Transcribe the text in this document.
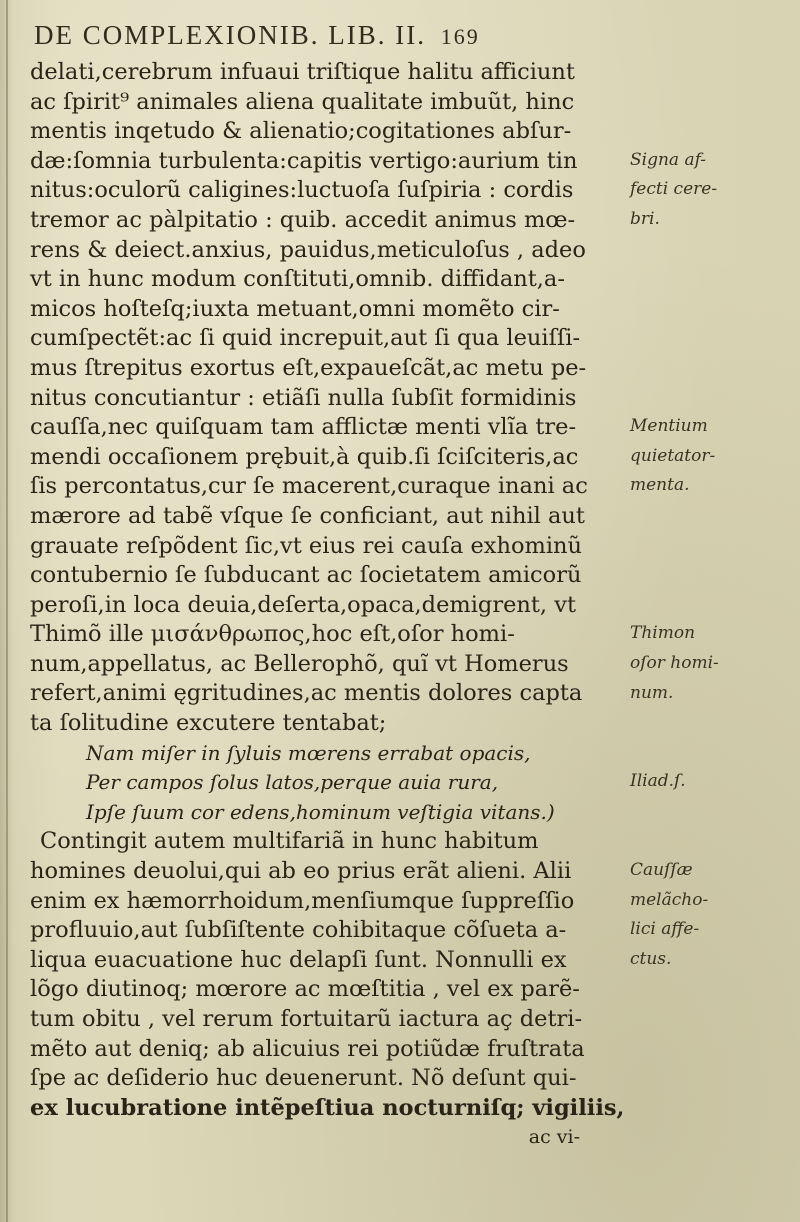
DE COMPLEXIONIB. LIB. II. 169
delati,cerebrum infuaui triſtique halitu afficiunt
ac ſpirit⁹ animales aliena qualitate imbuũt, hinc
mentis inqetudo & alienatio;cogitationes abſur-
dæ:ſomnia turbulenta:capitis vertigo:aurium tin
nitus:oculorũ caligines:luctuoſa ſuſpiria : cordis
tremor ac pàlpitatio : quib. accedit animus mœ-
rens & deiect.anxius, pauidus,meticuloſus , adeo
vt in hunc modum conſtituti,omnib. diffidant,a-
micos hoſteſq;iuxta metuant,omni momẽto cir-
cumſpectẽt:ac ſi quid increpuit,aut ſi qua leuiſſi-
mus ſtrepitus exortus eſt,expaueſcãt,ac metu pe-
nitus concutiantur : etiãſi nulla ſubſit formidinis
cauſſa,nec quiſquam tam afflictæ menti vlĩa tre-
mendi occaſionem prębuit,à quib.ſi ſciſciteris,ac
ſis percontatus,cur ſe macerent,curaque inani ac
mærore ad tabẽ vſque ſe conficiant, aut nihil aut
grauate reſpõdent ſic,vt eius rei cauſa exhominũ
contubernio ſe ſubducant ac ſocietatem amicorũ
peroſi,in loca deuia,deſerta,opaca,demigrent, vt
Thimõ ille μισάνθρωπος,hoc eſt,oſor homi-
num,appellatus, ac Bellerophõ, quĩ vt Homerus
refert,animi ęgritudines,ac mentis dolores capta
ta ſolitudine excutere tentabat;
Nam miſer in ſyluis mœrens errabat opacis,
Per campos ſolus latos,perque auia rura,
Ipſe ſuum cor edens,hominum veſtigia vitans.)
Contingit autem multifariã in hunc habitum
homines deuolui,qui ab eo prius erãt alieni. Alii
enim ex hæmorrhoidum,menſiumque ſuppreſſio
profluuio,aut ſubſiſtente cohibitaque cõſueta a-
liqua euacuatione huc delapſi ſunt. Nonnulli ex
lõgo diutinoq; mœrore ac mœſtitia , vel ex parẽ-
tum obitu , vel rerum fortuitarũ iactura aç detri-
mẽto aut deniq; ab alicuius rei potiũdæ fruſtrata
ſpe ac deſiderio huc deuenerunt. Nõ deſunt qui-
ex lucubratione intẽpeſtiua nocturniſq; vigiliis,
ac vi-
Signa af-
fecti cere-
bri.
Mentium
quietator-
menta.
Thimon
oſor homi-
num.
Iliad.ſ.
Cauſſæ
melãcho-
lici affe-
ctus.
